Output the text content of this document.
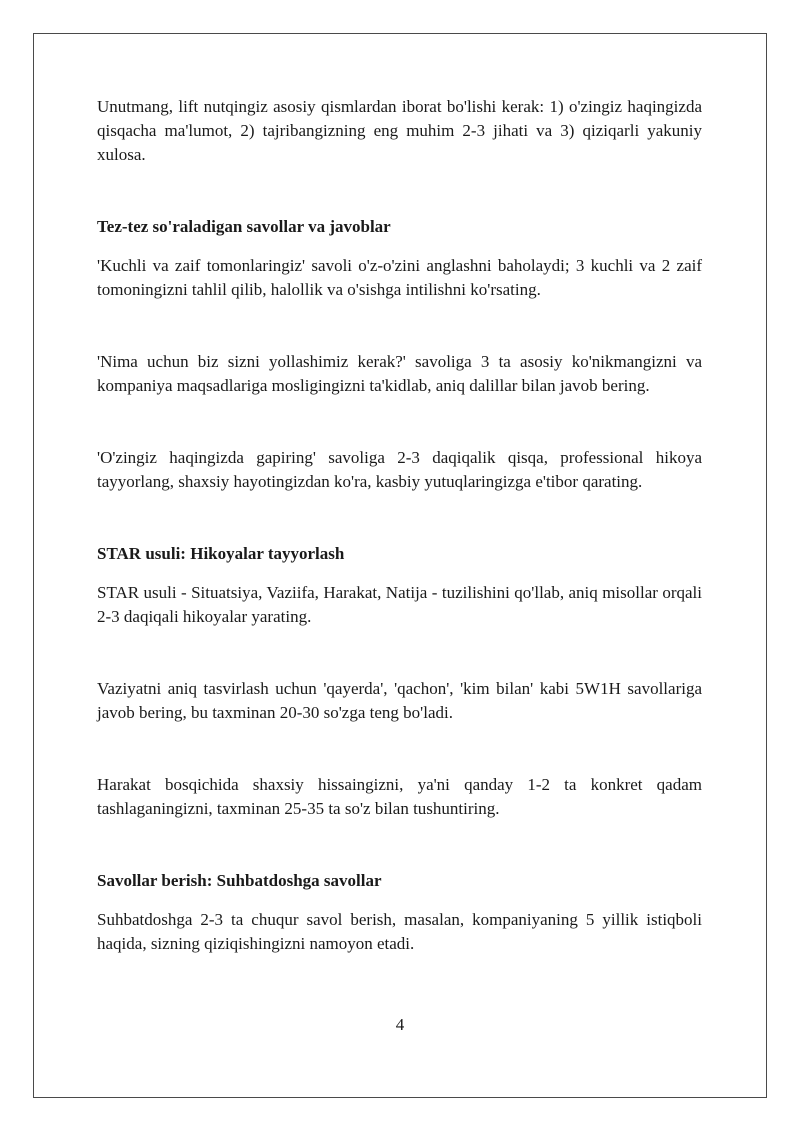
Unutmang, lift nutqingiz asosiy qismlardan iborat bo'lishi kerak: 1) o'zingiz haqingizda qisqacha ma'lumot, 2) tajribangizning eng muhim 2-3 jihati va 3) qiziqarli yakuniy xulosa.

Tez-tez so'raladigan savollar va javoblar

'Kuchli va zaif tomonlaringiz' savoli o'z-o'zini anglashni baholaydi; 3 kuchli va 2 zaif tomoningizni tahlil qilib, halollik va o'sishga intilishni ko'rsating.

'Nima uchun biz sizni yollashimiz kerak?' savoliga 3 ta asosiy ko'nikmangizni va kompaniya maqsadlariga mosligingizni ta'kidlab, aniq dalillar bilan javob bering.

'O'zingiz haqingizda gapiring' savoliga 2-3 daqiqalik qisqa, professional hikoya tayyorlang, shaxsiy hayotingizdan ko'ra, kasbiy yutuqlaringizga e'tibor qarating.

STAR usuli: Hikoyalar tayyorlash

STAR usuli - Situatsiya, Vaziifa, Harakat, Natija - tuzilishini qo'llab, aniq misollar orqali 2-3 daqiqali hikoyalar yarating.

Vaziyatni aniq tasvirlash uchun 'qayerda', 'qachon', 'kim bilan' kabi 5W1H savollariga javob bering, bu taxminan 20-30 so'zga teng bo'ladi.

Harakat bosqichida shaxsiy hissaingizni, ya'ni qanday 1-2 ta konkret qadam tashlaganingizni, taxminan 25-35 ta so'z bilan tushuntiring.

Savollar berish: Suhbatdoshga savollar

Suhbatdoshga 2-3 ta chuqur savol berish, masalan, kompaniyaning 5 yillik istiqboli haqida, sizning qiziqishingizni namoyon etadi.

4
